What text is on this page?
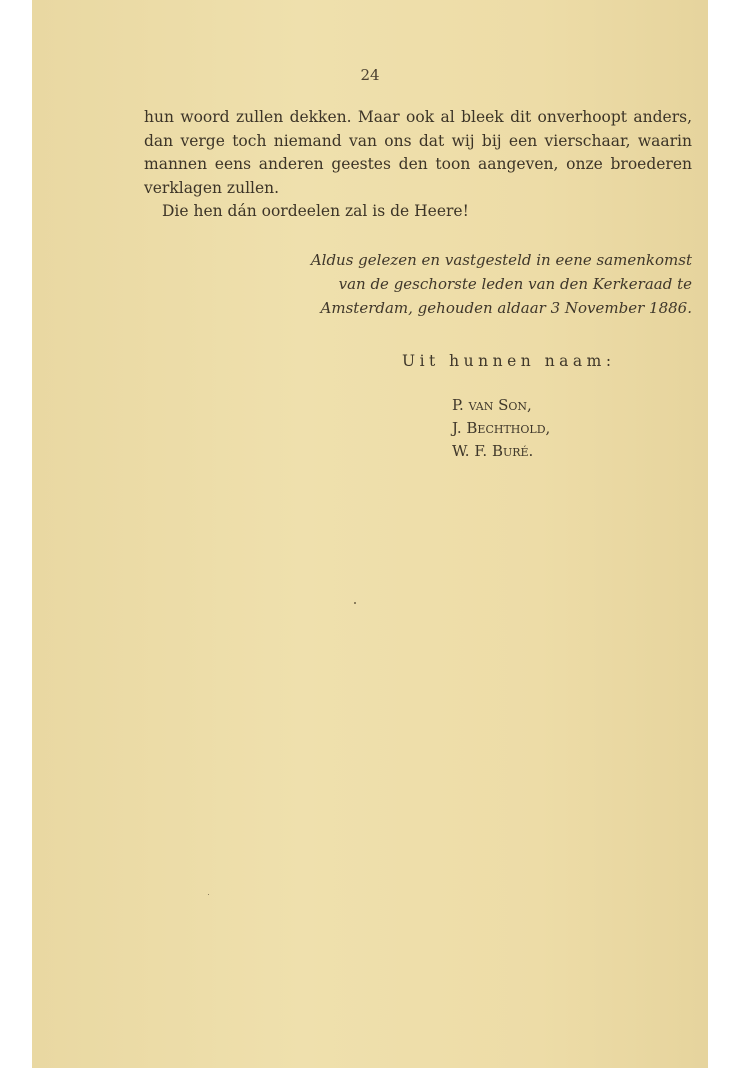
24

hun woord zullen dekken. Maar ook al bleek dit onverhoopt anders, dan verge toch niemand van ons dat wij bij een vierschaar, waarin mannen eens anderen geestes den toon aangeven, onze broederen verklagen zullen.

Die hen dán oordeelen zal is de Heere!

Aldus gelezen en vastgesteld in eene samenkomst
van de geschorste leden van den Kerkeraad te
Amsterdam, gehouden aldaar 3 November 1886.
Uit hunnen naam:
P. van Son,
J. Bechthold,
W. F. Buré.
